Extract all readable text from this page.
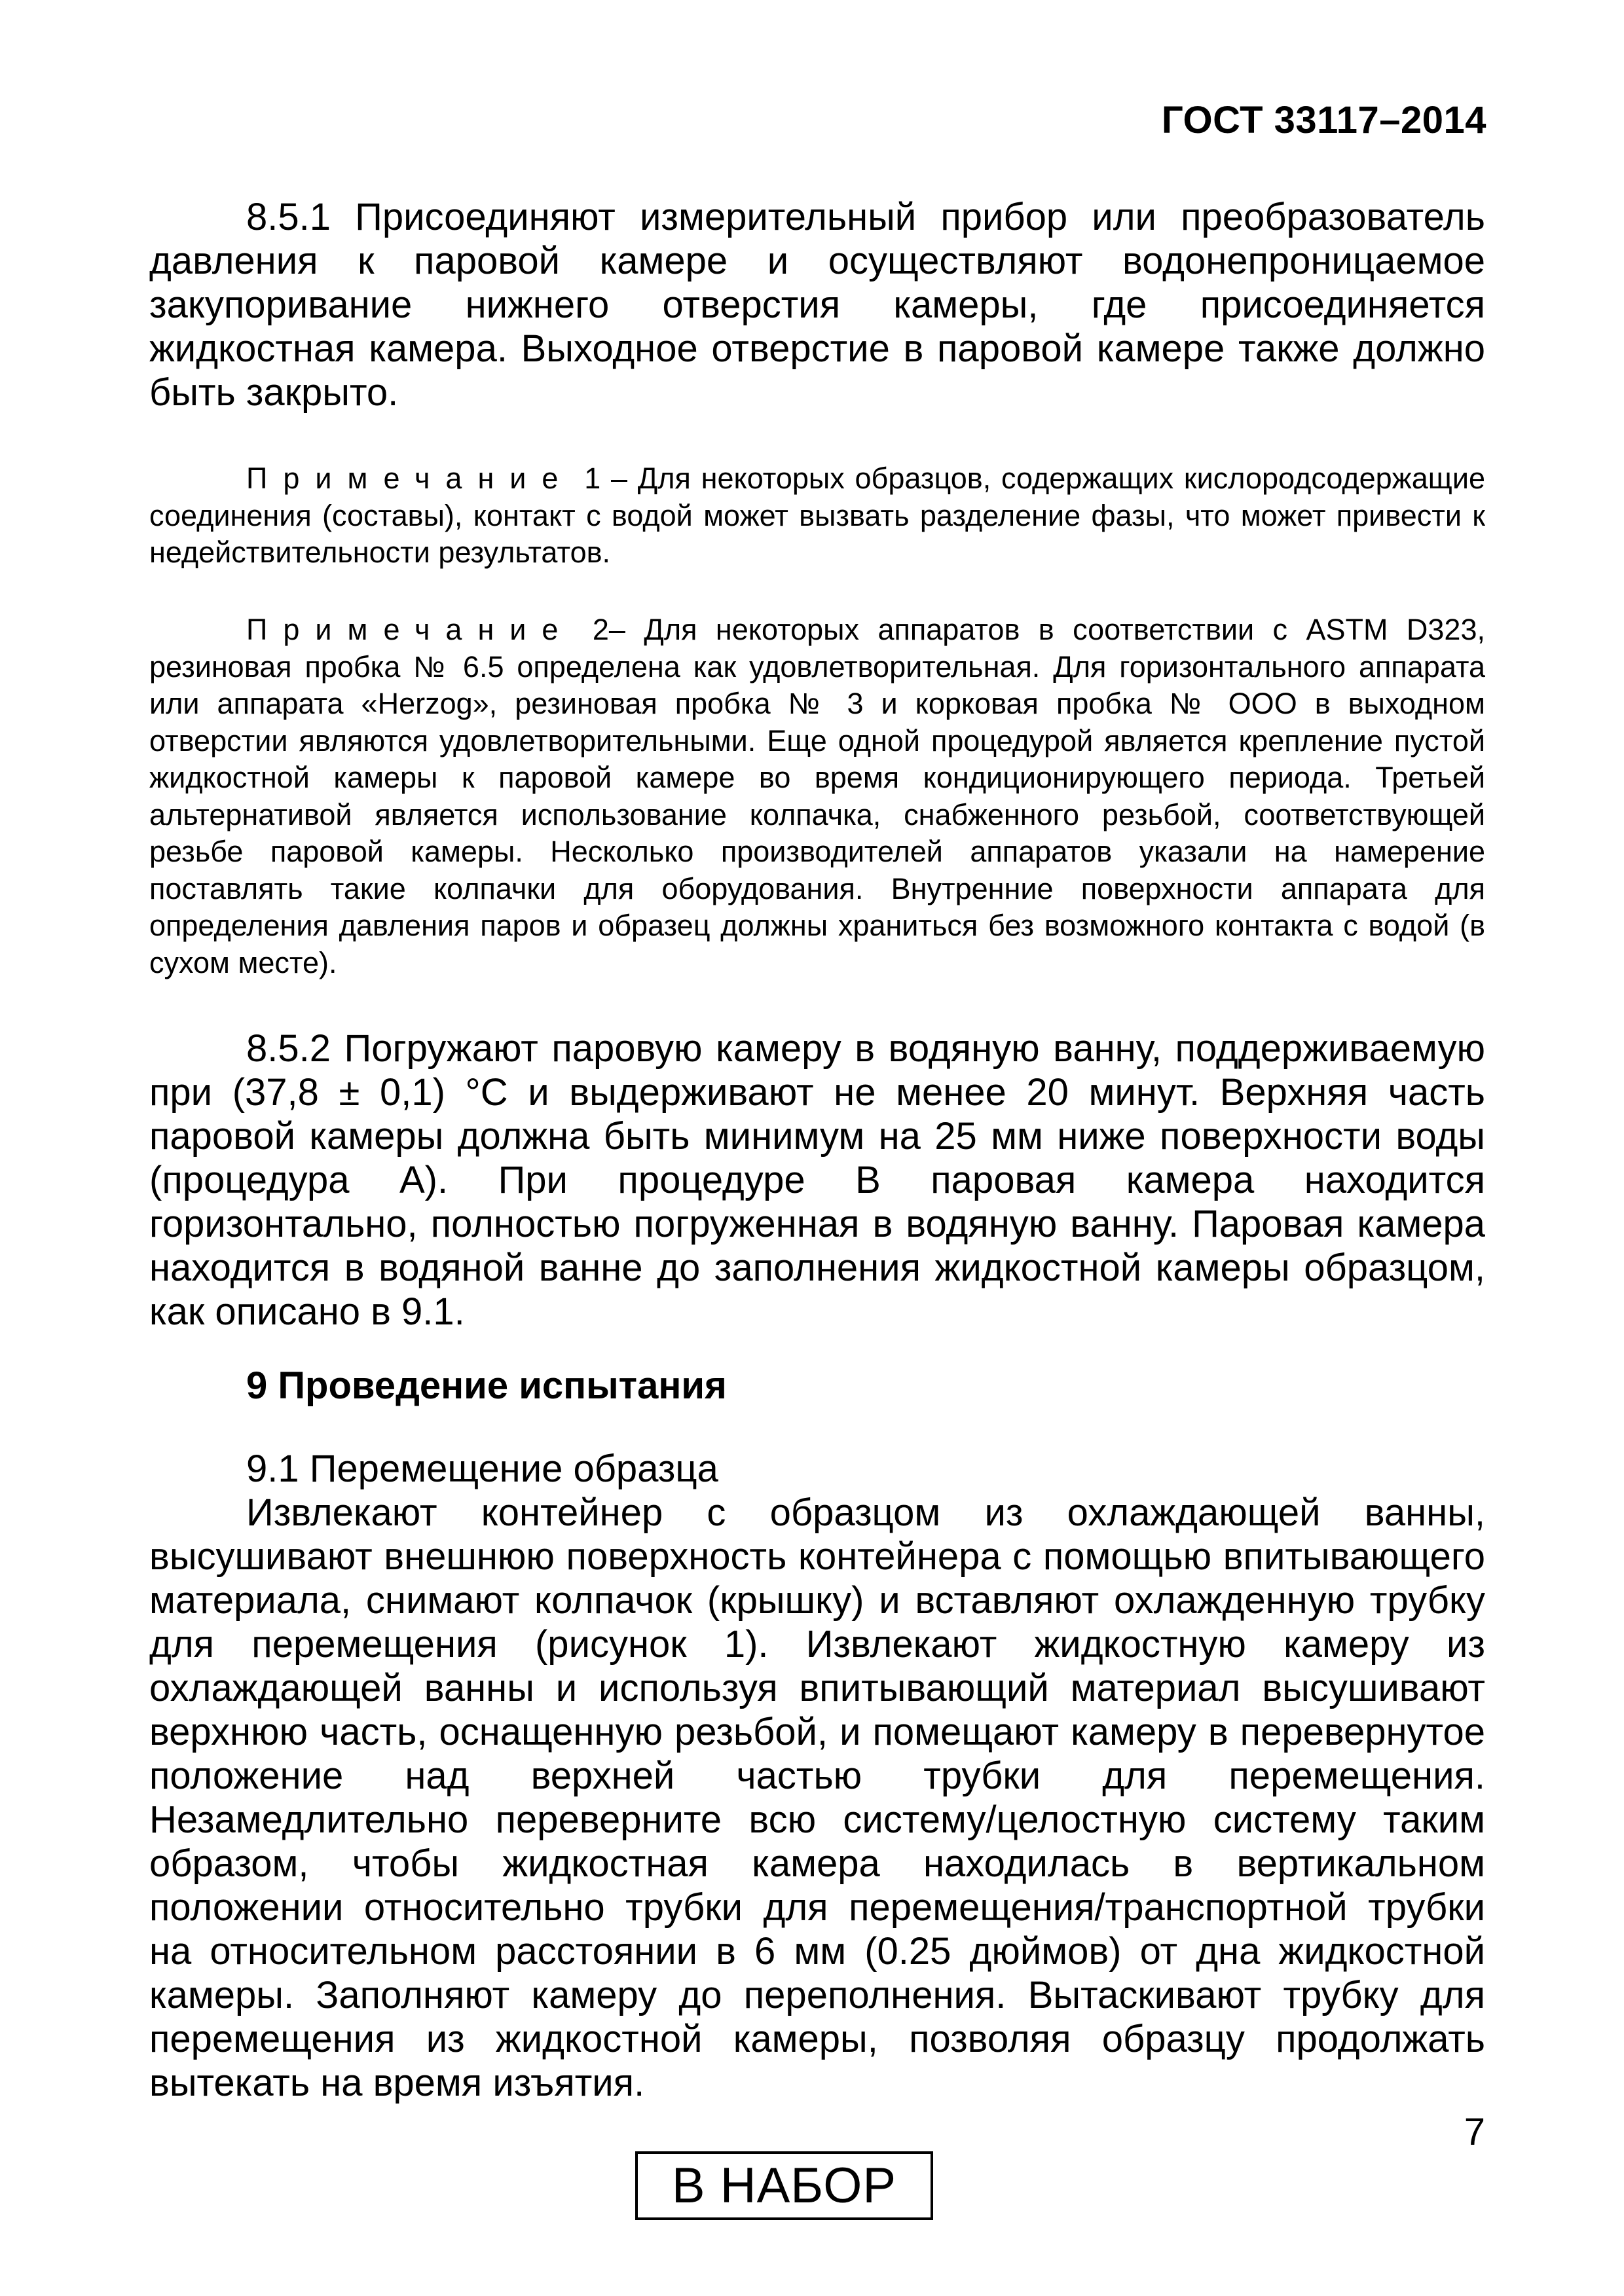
ГОСТ 33117–2014
8.5.1 Присоединяют измерительный прибор или преобразователь давления к паровой камере и осуществляют водонепроницаемое закупоривание нижнего отверстия камеры, где присоединяется жидкостная камера. Выходное отверстие в паровой камере также должно быть закрыто.
Примечание 1 – Для некоторых образцов, содержащих кислородсодержащие соединения (составы), контакт с водой может вызвать разделение фазы, что может привести к недействительности результатов.
Примечание 2– Для некоторых аппаратов в соответствии с ASTM D323, резиновая пробка № 6.5 определена как удовлетворительная. Для горизонтального аппарата или аппарата «Herzog», резиновая пробка № 3 и корковая пробка № OOO в выходном отверстии являются удовлетворительными. Еще одной процедурой является крепление пустой жидкостной камеры к паровой камере во время кондиционирующего периода. Третьей альтернативой является использование колпачка, снабженного резьбой, соответствующей резьбе паровой камеры. Несколько производителей аппаратов указали на намерение поставлять такие колпачки для оборудования. Внутренние поверхности аппарата для определения давления паров и образец должны храниться без возможного контакта с водой (в сухом месте).
8.5.2 Погружают паровую камеру в водяную ванну, поддерживаемую при (37,8 ± 0,1) °С и выдерживают не менее 20 минут. Верхняя часть паровой камеры должна быть минимум на 25 мм ниже поверхности воды (процедура А). При процедуре В паровая камера находится горизонтально, полностью погруженная в водяную ванну. Паровая камера находится в водяной ванне до заполнения жидкостной камеры образцом, как описано в 9.1.
9 Проведение испытания
9.1 Перемещение образца
Извлекают контейнер с образцом из охлаждающей ванны, высушивают внешнюю поверхность контейнера с помощью впитывающего материала, снимают колпачок (крышку) и вставляют охлажденную трубку для перемещения (рисунок 1). Извлекают жидкостную камеру из охлаждающей ванны и используя впитывающий материал высушивают верхнюю часть, оснащенную резьбой, и помещают камеру в перевернутое положение над верхней частью трубки для перемещения. Незамедлительно переверните всю систему/целостную систему таким образом, чтобы жидкостная камера находилась в вертикальном положении относительно трубки для перемещения/транспортной трубки на относительном расстоянии в 6 мм (0.25 дюймов) от дна жидкостной камеры. Заполняют камеру до переполнения. Вытаскивают трубку для перемещения из жидкостной камеры, позволяя образцу продолжать вытекать на время изъятия.
7
В НАБОР
